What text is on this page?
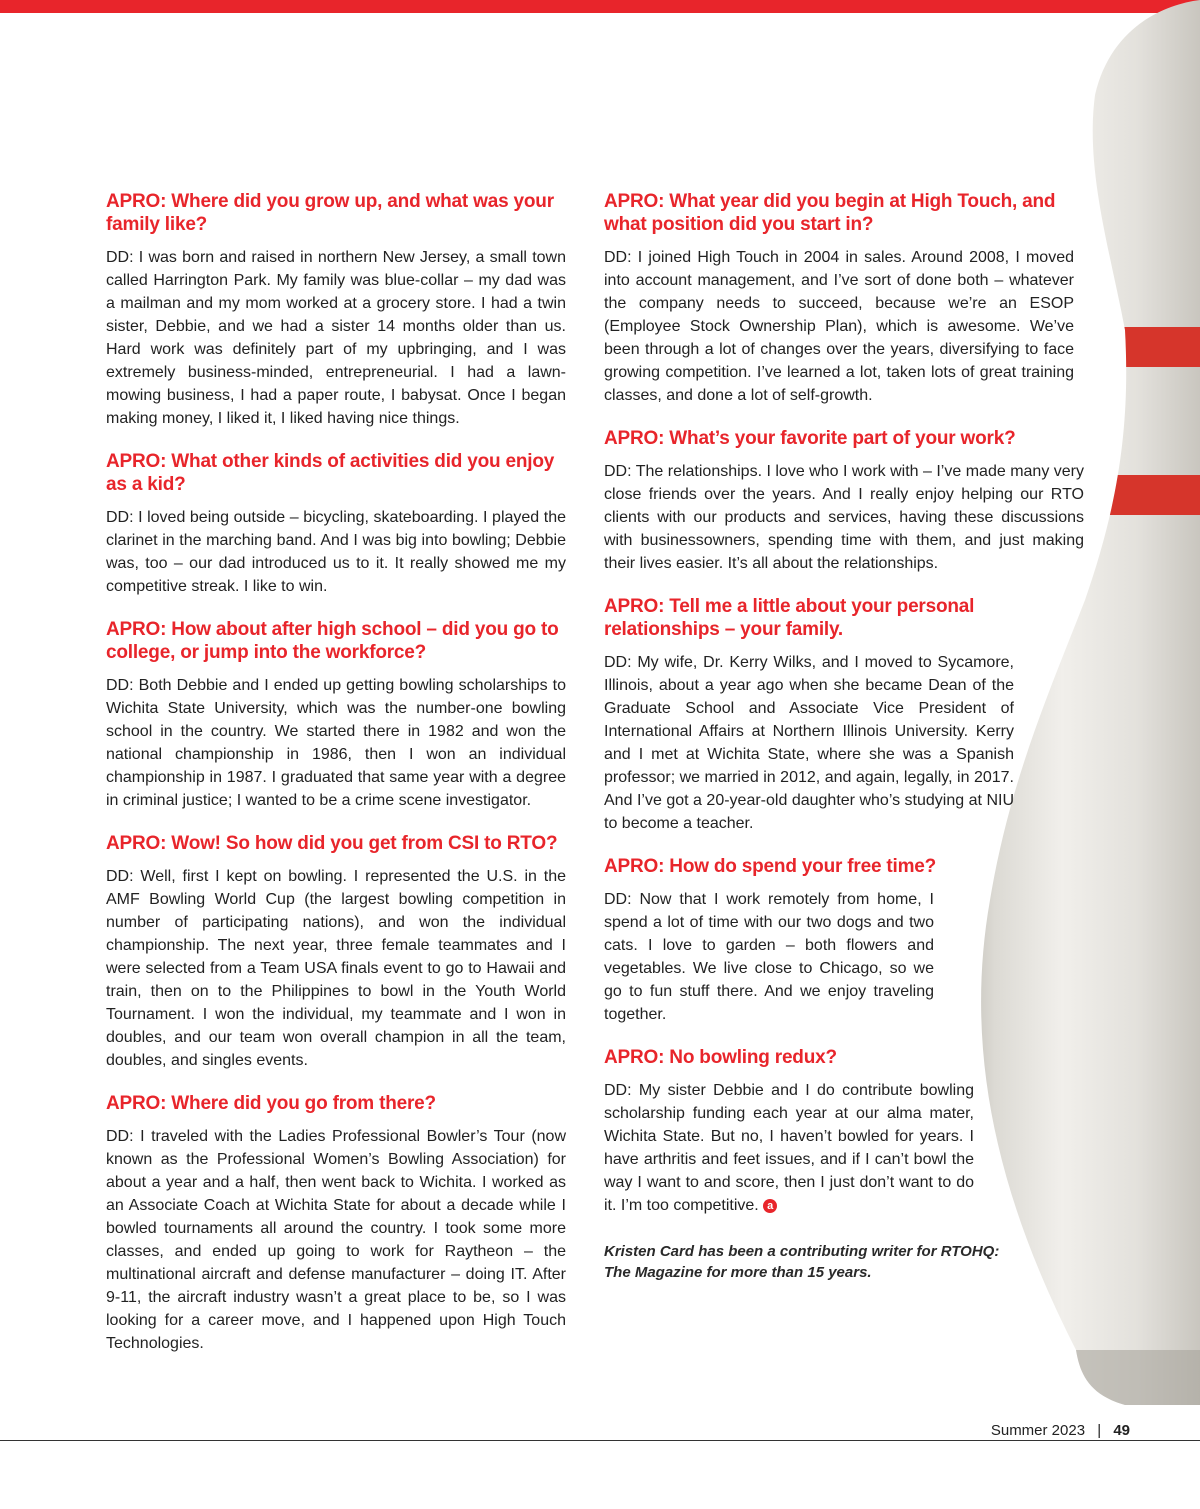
APRO: Where did you grow up, and what was your family like?

DD: I was born and raised in northern New Jersey, a small town called Harrington Park. My family was blue-collar – my dad was a mailman and my mom worked at a grocery store. I had a twin sister, Debbie, and we had a sister 14 months older than us. Hard work was definitely part of my upbringing, and I was extremely business-minded, entrepreneurial. I had a lawn-mowing business, I had a paper route, I babysat. Once I began making money, I liked it, I liked having nice things.

APRO: What other kinds of activities did you enjoy as a kid?

DD: I loved being outside – bicycling, skateboarding. I played the clarinet in the marching band. And I was big into bowling; Debbie was, too – our dad introduced us to it. It really showed me my competitive streak. I like to win.

APRO: How about after high school – did you go to college, or jump into the workforce?

DD: Both Debbie and I ended up getting bowling scholarships to Wichita State University, which was the number-one bowling school in the country. We started there in 1982 and won the national championship in 1986, then I won an individual championship in 1987. I graduated that same year with a degree in criminal justice; I wanted to be a crime scene investigator.

APRO: Wow! So how did you get from CSI to RTO?

DD: Well, first I kept on bowling. I represented the U.S. in the AMF Bowling World Cup (the largest bowling competition in number of participating nations), and won the individual championship. The next year, three female teammates and I were selected from a Team USA finals event to go to Hawaii and train, then on to the Philippines to bowl in the Youth World Tournament. I won the individual, my teammate and I won in doubles, and our team won overall champion in all the team, doubles, and singles events.

APRO: Where did you go from there?

DD: I traveled with the Ladies Professional Bowler’s Tour (now known as the Professional Women’s Bowling Association) for about a year and a half, then went back to Wichita. I worked as an Associate Coach at Wichita State for about a decade while I bowled tournaments all around the country. I took some more classes, and ended up going to work for Raytheon – the multinational aircraft and defense manufacturer – doing IT. After 9-11, the aircraft industry wasn’t a great place to be, so I was looking for a career move, and I happened upon High Touch Technologies.

APRO: What year did you begin at High Touch, and what position did you start in?

DD: I joined High Touch in 2004 in sales. Around 2008, I moved into account management, and I’ve sort of done both – whatever the company needs to succeed, because we’re an ESOP (Employee Stock Ownership Plan), which is awesome. We’ve been through a lot of changes over the years, diversifying to face growing competition. I’ve learned a lot, taken lots of great training classes, and done a lot of self-growth.

APRO: What’s your favorite part of your work?

DD: The relationships. I love who I work with – I’ve made many very close friends over the years. And I really enjoy helping our RTO clients with our products and services, having these discussions with businessowners, spending time with them, and just making their lives easier. It’s all about the relationships.

APRO: Tell me a little about your personal relationships – your family.

DD: My wife, Dr. Kerry Wilks, and I moved to Sycamore, Illinois, about a year ago when she became Dean of the Graduate School and Associate Vice President of International Affairs at Northern Illinois University. Kerry and I met at Wichita State, where she was a Spanish professor; we married in 2012, and again, legally, in 2017. And I’ve got a 20-year-old daughter who’s studying at NIU to become a teacher.

APRO: How do spend your free time?

DD: Now that I work remotely from home, I spend a lot of time with our two dogs and two cats. I love to garden – both flowers and vegetables. We live close to Chicago, so we go to fun stuff there. And we enjoy traveling together.

APRO: No bowling redux?

DD: My sister Debbie and I do contribute bowling scholarship funding each year at our alma mater, Wichita State. But no, I haven’t bowled for years. I have arthritis and feet issues, and if I can’t bowl the way I want to and score, then I just don’t want to do it. I’m too competitive. a

Kristen Card has been a contributing writer for RTOHQ: The Magazine for more than 15 years.

Summer 2023 | 49
